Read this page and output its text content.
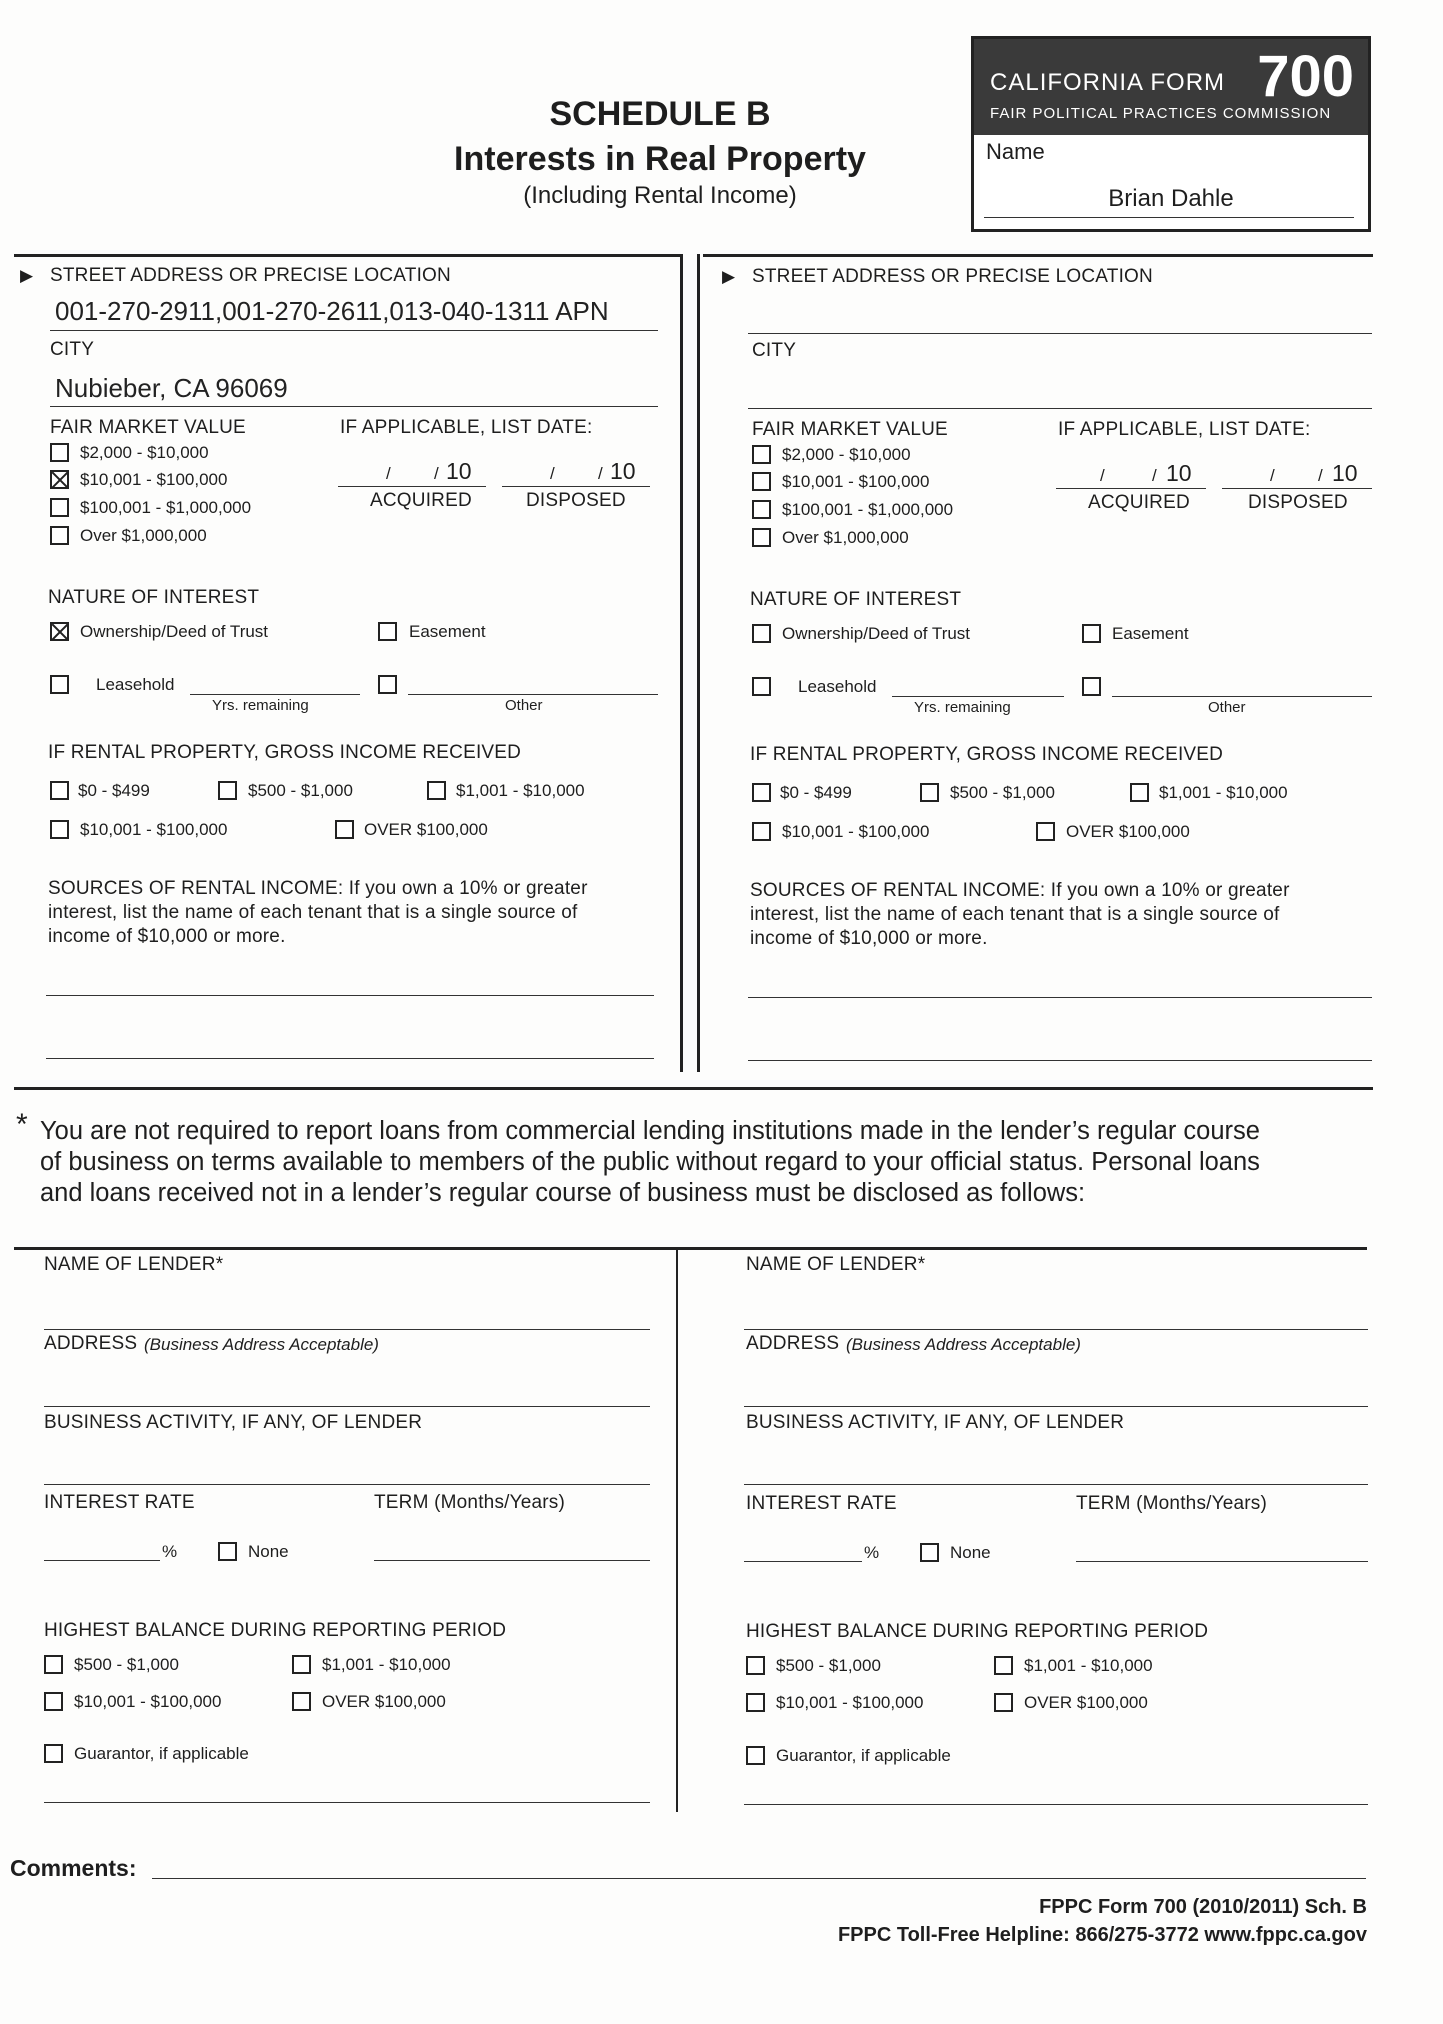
SCHEDULE B
Interests in Real Property
(Including Rental Income)
CALIFORNIA FORM 700
FAIR POLITICAL PRACTICES COMMISSION
Name
Brian Dahle
▶ STREET ADDRESS OR PRECISE LOCATION
001-270-2911,001-270-2611,013-040-1311 APN
CITY
Nubieber, CA 96069
FAIR MARKET VALUE	IF APPLICABLE, LIST DATE:
$2,000 - $10,000
$10,001 - $100,000
$100,001 - $1,000,000
Over $1,000,000
/	/ 10
ACQUIRED
/	/ 10
DISPOSED
NATURE OF INTEREST
Ownership/Deed of Trust	Easement
Leasehold
Yrs. remaining	Other
IF RENTAL PROPERTY, GROSS INCOME RECEIVED
$0 - $499	$500 - $1,000	$1,001 - $10,000
$10,001 - $100,000	OVER $100,000
SOURCES OF RENTAL INCOME: If you own a 10% or greater
interest, list the name of each tenant that is a single source of
income of $10,000 or more.
▶ STREET ADDRESS OR PRECISE LOCATION
CITY
FAIR MARKET VALUE	IF APPLICABLE, LIST DATE:
$2,000 - $10,000
$10,001 - $100,000
$100,001 - $1,000,000
Over $1,000,000
/	/ 10
ACQUIRED
/	/ 10
DISPOSED
NATURE OF INTEREST
Ownership/Deed of Trust	Easement
Leasehold
Yrs. remaining	Other
IF RENTAL PROPERTY, GROSS INCOME RECEIVED
$0 - $499	$500 - $1,000	$1,001 - $10,000
$10,001 - $100,000	OVER $100,000
SOURCES OF RENTAL INCOME: If you own a 10% or greater
interest, list the name of each tenant that is a single source of
income of $10,000 or more.
* You are not required to report loans from commercial lending institutions made in the lender’s regular course
of business on terms available to members of the public without regard to your official status. Personal loans
and loans received not in a lender’s regular course of business must be disclosed as follows:
NAME OF LENDER*
ADDRESS (Business Address Acceptable)
BUSINESS ACTIVITY, IF ANY, OF LENDER
INTEREST RATE	TERM (Months/Years)
%	None
HIGHEST BALANCE DURING REPORTING PERIOD
$500 - $1,000	$1,001 - $10,000
$10,001 - $100,000	OVER $100,000
Guarantor, if applicable
NAME OF LENDER*
ADDRESS (Business Address Acceptable)
BUSINESS ACTIVITY, IF ANY, OF LENDER
INTEREST RATE	TERM (Months/Years)
%	None
HIGHEST BALANCE DURING REPORTING PERIOD
$500 - $1,000	$1,001 - $10,000
$10,001 - $100,000	OVER $100,000
Guarantor, if applicable
Comments:
FPPC Form 700 (2010/2011) Sch. B
FPPC Toll-Free Helpline: 866/275-3772 www.fppc.ca.gov
